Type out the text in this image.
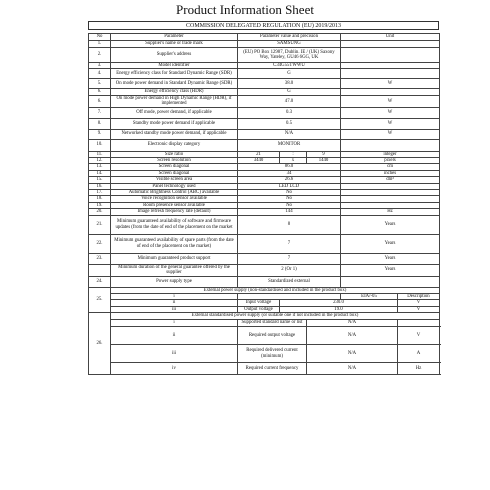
Product Information Sheet
COMMISSION DELEGATED REGULATION (EU) 2019/2013
No	Parameter	Parameter value and precision			Unit		
1.	Supplier's name or trade mark	SAMSUNG					
2.	Supplier's address	(EU) PO Box 12987, Dublin. IE / (UK) Saxony Way, Yateley, GU46 6GG, UK					
3.	Model identifier	C34G55TWWU					
4.	Energy efficiency class for Standard Dynamic Range (SDR)	G					
5.	On mode power demand in Standard Dynamic Range (SDR)	38.0			W		
6.	Energy efficiency class (HDR)	G					
6.	On mode power demand in High Dynamic Range (HDR), if implemented	47.0			W		
7.	Off mode, power demand, if applicable	0.3			W		
8.	Standby mode power demand if applicable	0.5			W		
9.	Networked standby mode power demand, if applicable	N/A			W		
10.	Electronic display category	MONITOR					
11.	Size ratio	21	:	9	integer		
12.	Screen resolution	3440	x	1440	pixels		
13.	Screen diagonal	86.0			cm		
14.	Screen diagonal	34			inches		
15.	Visible screen area	26.6			dm²		
16.	Panel technology used	LED LCD					
17.	Automatic Brightness Control (ABC) available	No					
18.	Voice recognition sensor available	No					
19.	Room presence sensor available	No					
20.	Image refresh frequency rate (default)	144			Hz		
21.	Minimum guaranteed availability of software and firmware updates (from the date of end of the placement on the market	8			Years		
22.	Minimum guaranteed availability of spare parts (from the date of end of the placement on the market)	7			Years		
23.	Minimum guaranteed product support	7			Years		
	Minimum duration of the general guarantee offered by the supplier	2 (Or 1)			Years		
24.	Power supply type	Standardized external					
25.	External power supply (non-standardised and included in the product box)						
	i				EIA/-05	Description	
	ii	Input voltage	230.0			V	
	iii	Output voltage	19.0			V	
26.	External standardised power supply (or suitable one if not included in the product box)						
	i	Supported standard name or list		N/A			
	ii	Required output voltage		N/A		V	
	iii	Required delivered current (minimum)		N/A		A	
	iv	Required current frequency		N/A		Hz	
